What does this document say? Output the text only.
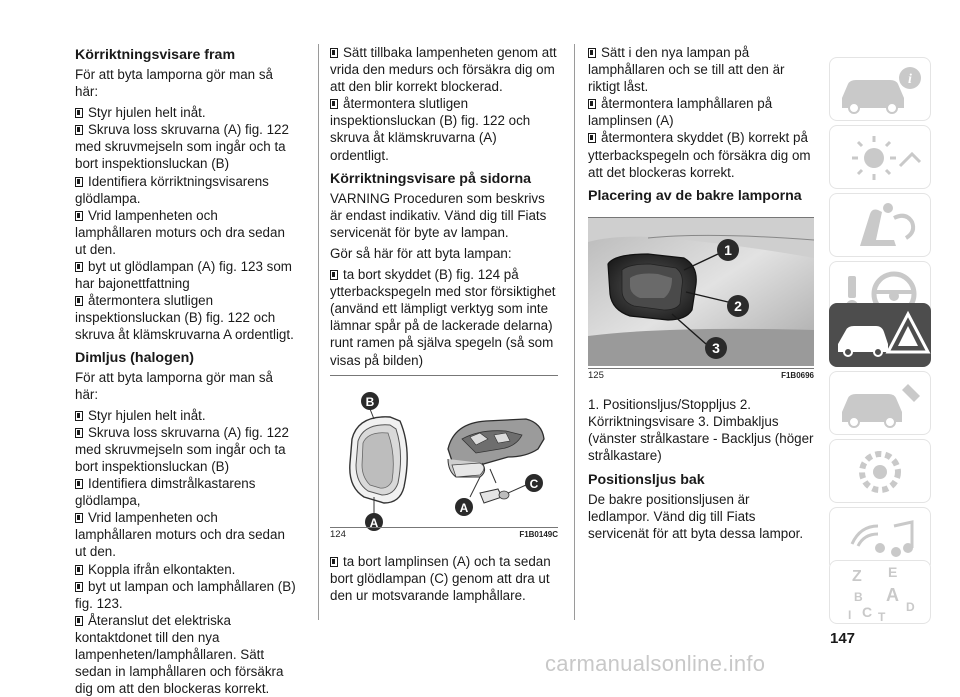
Körriktningsvisare fram

För att byta lamporna gör man så här:

Styr hjulen helt inåt.

Skruva loss skruvarna (A) fig. 122 med skruvmejseln som ingår och ta bort inspektionsluckan (B)

Identifiera körriktningsvisarens glödlampa.

Vrid lampenheten och lamphållaren moturs och dra sedan ut den.

byt ut glödlampan (A) fig. 123 som har bajonettfattning

återmontera slutligen inspektionsluckan (B) fig. 122 och skruva åt klämskruvarna A ordentligt.

Dimljus (halogen)

För att byta lamporna gör man så här:

Styr hjulen helt inåt.

Skruva loss skruvarna (A) fig. 122 med skruvmejseln som ingår och ta bort inspektionsluckan (B)

Identifiera dimstrålkastarens glödlampa,

Vrid lampenheten och lamphållaren moturs och dra sedan ut den.

Koppla ifrån elkontakten.

byt ut lampan och lamphållaren (B) fig. 123.

Återanslut det elektriska kontaktdonet till den nya lampenheten/lamphållaren. Sätt sedan in lamphållaren och försäkra dig om att den blockeras korrekt.

Sätt tillbaka lampenheten genom att vrida den medurs och försäkra dig om att den blir korrekt blockerad.

återmontera slutligen inspektionsluckan (B) fig. 122 och skruva åt klämskruvarna (A) ordentligt.

Körriktningsvisare på sidorna

VARNING Proceduren som beskrivs är endast indikativ. Vänd dig till Fiats servicenät för byte av lampan.

Gör så här för att byta lampan:

ta bort skyddet (B) fig. 124 på ytterbackspegeln med stor försiktighet (använd ett lämpligt verktyg som inte lämnar spår på de lackerade delarna) runt ramen på själva spegeln (så som visas på bilden)

B
A
A
C
124	F1B0149C

ta bort lamplinsen (A) och ta sedan bort glödlampan (C) genom att dra ut den ur motsvarande lamphållare.

Sätt i den nya lampan på lamphållaren och se till att den är riktigt låst.

återmontera lamphållaren på lamplinsen (A)

återmontera skyddet (B) korrekt på ytterbackspegeln och försäkra dig om att det blockeras korrekt.

Placering av de bakre lamporna
1
2
3
125	F1B0696

1. Positionsljus/Stoppljus 2. Körriktningsvisare 3. Dimbakljus (vänster strålkastare - Backljus (höger strålkastare)

Positionsljus bak

De bakre positionsljusen är ledlampor. Vänd dig till Fiats servicenät för att byta dessa lampor.

i
Z E
B A
I C T
D
147
carmanualsonline.info
